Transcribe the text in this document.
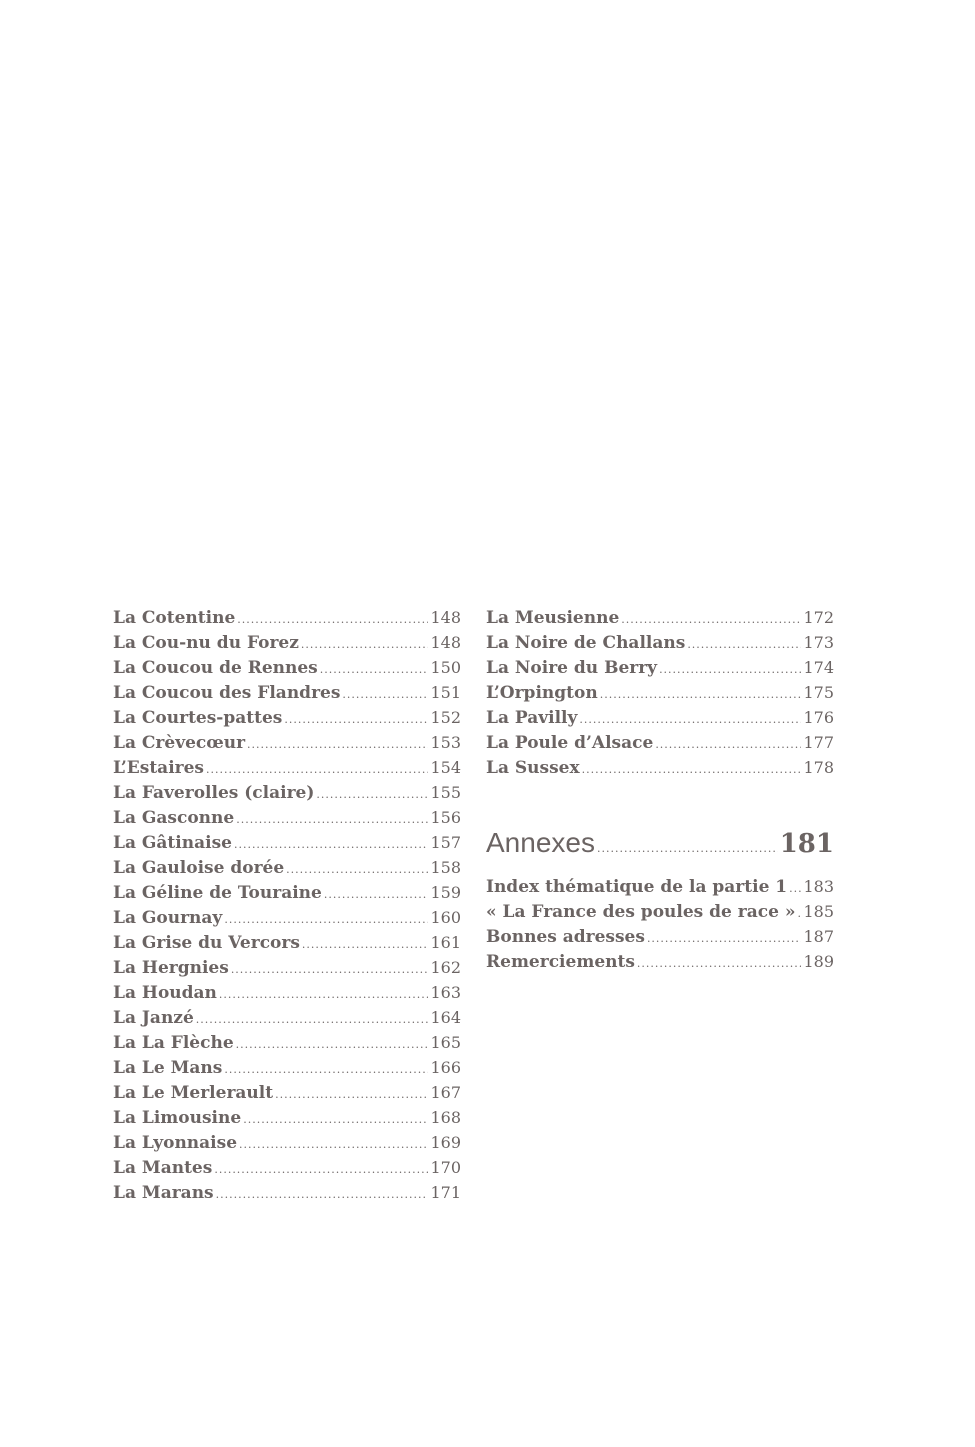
La Cotentine .....	148
La Cou-nu du Forez .....	148
La Coucou de Rennes .....	150
La Coucou des Flandres .....	151
La Courtes-pattes .....	152
La Crèvecœur .....	153
L’Estaires .....	154
La Faverolles (claire) .....	155
La Gasconne .....	156
La Gâtinaise .....	157
La Gauloise dorée .....	158
La Géline de Touraine .....	159
La Gournay .....	160
La Grise du Vercors .....	161
La Hergnies .....	162
La Houdan .....	163
La Janzé .....	164
La La Flèche .....	165
La Le Mans .....	166
La Le Merlerault .....	167
La Limousine .....	168
La Lyonnaise .....	169
La Mantes .....	170
La Marans .....	171
La Meusienne .....	172
La Noire de Challans .....	173
La Noire du Berry .....	174
L’Orpington .....	175
La Pavilly .....	176
La Poule d’Alsace .....	177
La Sussex .....	178
Annexes .....	181
Index thématique de la partie 1 ..... 183
« La France des poules de race » ..... 185
Bonnes adresses .....	187
Remerciements .....	189
